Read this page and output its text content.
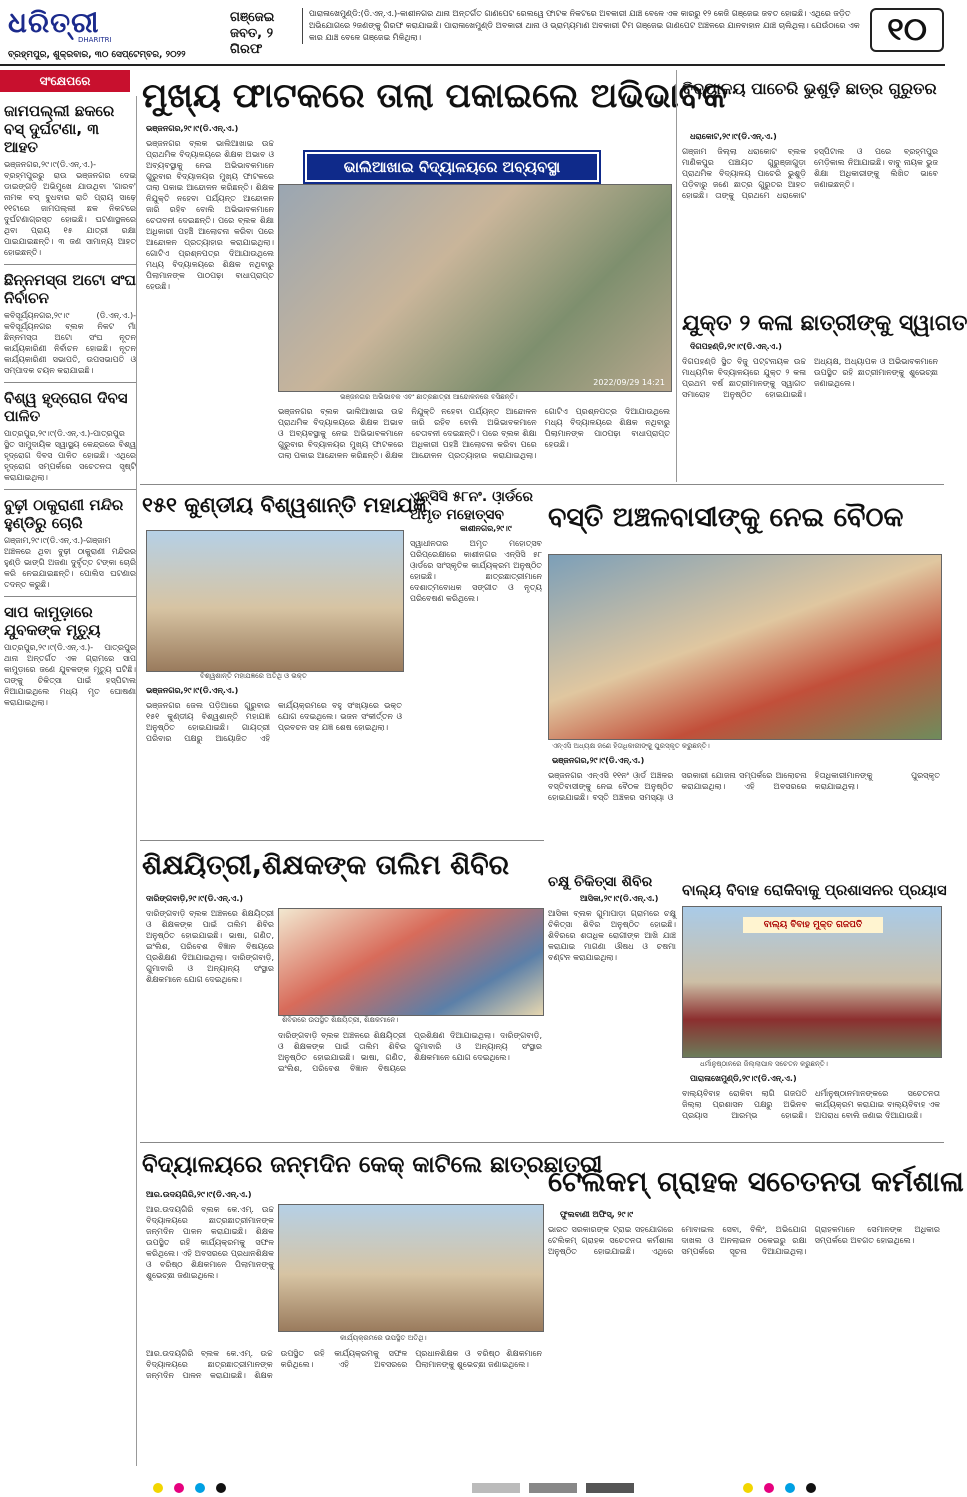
ଧରିତ୍ରୀ
DHARITRI
ବ୍ରହ୍ମପୁର, ଶୁକ୍ରବାର, ୩୦ ସେପ୍ଟେମ୍ବର, ୨୦୨୨
ଗଞ୍ଜେଇ ଜବତ, ୨ ଗିରଫ
ପାରାଳାଖେମୁଣ୍ଡି:(ଡି.ଏନ୍.ଏ.)-କାଶୀନଗର ଥାନା ଅନ୍ତର୍ଗତ ଗାଣପେଟ ରେଲୱେ ଫାଟକ ନିକଟରେ ଅବକାରୀ ଯାଞ୍ଚ ବେଳେ ଏକ କାରରୁ ୧୨ କେଜି ଗଞ୍ଜେଇ ଜବତ ହୋଇଛି। ଏଥିରେ ଜଡ଼ିତ ଅଭିଯୋଗରେ ୨ଜଣଙ୍କୁ ଗିରଫ କରାଯାଇଛି। ପାରାଳାଖେମୁଣ୍ଡି ଅବକାରୀ ଥାନା ଓ ଭ୍ରାମ୍ୟମାଣ ଅବକାରୀ ଟିମ ଗଞ୍ଜେଇ ଗାଣପେଟ ଅଞ୍ଚଳରେ ଯାନବାହାନ ଯାଞ୍ଚ ଚାଲିଥିଲା। ଯେଉଁଠାରେ ଏକ କାର ଯାଞ୍ଚ ବେଳେ ଗଞ୍ଜେଇ ମିଳିଥିଲା।	୧୦
ସଂକ୍ଷେପରେ
ଜାମପଲ୍ଲୀ ଛକରେ ବସ୍ ଦୁର୍ଘଟଣା, ୩ ଆହତ
ଭଞ୍ଜନଗର,୨୯।୯(ଡି.ଏନ୍.ଏ.)- ବ୍ରହ୍ମପୁରରୁ ରାଉ ଭଞ୍ଜନଗର ଦେଇ ଡାଇଙ୍ଗଡ଼ି ଅଭିମୁଖେ ଯାଉଥିବା 'ଗାରବ' ନାମକ ବସ୍ ବୁଧବାର ରାତି ପ୍ରାୟ ସାଢ଼େ ୧୧ଟାରେ ଜାମପଲ୍ଲୀ ଛକ ନିକଟରେ ଦୁର୍ଘଟଣାଗ୍ରସ୍ତ ହୋଇଛି। ଘଟଣାସ୍ଥଳରେ ଥିବା ପ୍ରାୟ ୧୫ ଯାତ୍ରୀ ରକ୍ଷା ପାଇଯାଇଛନ୍ତି। ୩ ଜଣ ସାମାନ୍ୟ ଆହତ ହୋଇଛନ୍ତି।
ଛିନ୍ନମସ୍ତା ଅଟୋ ସଂଘ ନିର୍ବାଚନ
କବିସୂର୍ଯ୍ୟନଗର,୨୯।୯ (ଡି.ଏନ୍.ଏ.)-କବିସୂର୍ଯ୍ୟନଗର ବ୍ଲକ ନିକଟ ମାଁ ଛିନ୍ନମସ୍ତା ଅଟୋ ସଂଘ ନୂତନ କାର୍ଯ୍ୟକାରିଣୀ ନିର୍ବାଚନ ହୋଇଛି। ନୂତନ କାର୍ଯ୍ୟକାରିଣୀ ସଭାପତି, ଉପସଭାପତି ଓ ସମ୍ପାଦକ ଚୟନ କରାଯାଇଛି।
ବିଶ୍ୱ ହୃଦ୍‌ରୋଗ ଦିବସ ପାଳିତ
ପାତ୍ରପୁର,୨୯।୯(ଡି.ଏନ୍.ଏ.)-ପାତ୍ରପୁର ସ୍ଥିତ ସାମୁଦାୟିକ ସ୍ୱାସ୍ଥ୍ୟ କେନ୍ଦ୍ରରେ ବିଶ୍ୱ ହୃଦ୍‌ରୋଗ ଦିବସ ପାଳିତ ହୋଇଛି। ଏଥିରେ ହୃଦ୍‌ରୋଗ ସମ୍ପର୍କରେ ସଚେତନତା ସୃଷ୍ଟି କରାଯାଇଥିଲା।
ବୁଢ଼ୀ ଠାକୁରାଣୀ ମନ୍ଦିର ହୁଣ୍ଡିରୁ ଚୋରି
ଗଞ୍ଜାମ,୨୯।୯(ଡି.ଏନ୍.ଏ.)-ଗଞ୍ଜାମ ଅଞ୍ଚଳରେ ଥିବା ବୁଢ଼ୀ ଠାକୁରାଣୀ ମନ୍ଦିରର ହୁଣ୍ଡି ଭାଙ୍ଗି ଅଜଣା ଦୁର୍ବୃତ୍ତ ଟଙ୍କା ଚୋରି କରି ନେଇଯାଇଛନ୍ତି। ପୋଲିସ ଘଟଣାର ତଦନ୍ତ କରୁଛି।
ସାପ କାମୁଡ଼ାରେ ଯୁବକଙ୍କ ମୃତ୍ୟୁ
ପାତ୍ରପୁର,୨୯।୯(ଡି.ଏନ୍.ଏ.)- ପାତ୍ରପୁର ଥାନା ଅନ୍ତର୍ଗତ ଏକ ଗ୍ରାମରେ ସାପ କାମୁଡ଼ାରେ ଜଣେ ଯୁବକଙ୍କ ମୃତ୍ୟୁ ଘଟିଛି। ତାଙ୍କୁ ଚିକିତ୍ସା ପାଇଁ ହସ୍ପିଟାଲ ନିଆଯାଇଥିଲେ ମଧ୍ୟ ମୃତ ଘୋଷଣା କରାଯାଇଥିଲା।
ମୁଖ୍ୟ ଫାଟକରେ ତାଲା ପକାଇଲେ ଅଭିଭାବକ
ଭାଲିଆଖାଇ ବିଦ୍ୟାଳୟରେ ଅବ୍ୟବସ୍ଥା
ଭଞ୍ଜନଗର,୨୯।୯(ଡି.ଏନ୍.ଏ.)
ଭଞ୍ଜନଗର ବ୍ଲକ ଭାଲିଆଖାଇ ଉଚ୍ଚ ପ୍ରାଥମିକ ବିଦ୍ୟାଳୟରେ ଶିକ୍ଷକ ଅଭାବ ଓ ଅବ୍ୟବସ୍ଥାକୁ ନେଇ ଅଭିଭାବକମାନେ ଗୁରୁବାର ବିଦ୍ୟାଳୟର ମୁଖ୍ୟ ଫାଟକରେ ତାଲା ପକାଇ ଆନ୍ଦୋଳନ କରିଛନ୍ତି। ଶିକ୍ଷକ ନିଯୁକ୍ତି ନହେବା ପର୍ଯ୍ୟନ୍ତ ଆନ୍ଦୋଳନ ଜାରି ରହିବ ବୋଲି ଅଭିଭାବକମାନେ ଚେତାବନୀ ଦେଇଛନ୍ତି। ପରେ ବ୍ଲକ ଶିକ୍ଷା ଅଧିକାରୀ ପହଞ୍ଚି ଆଲୋଚନା କରିବା ପରେ ଆନ୍ଦୋଳନ ପ୍ରତ୍ୟାହାର କରାଯାଇଥିଲା। ଗୋଟିଏ ପ୍ରଶ୍ନପତ୍ର ଦିଆଯାଉଥିଲେ ମଧ୍ୟ ବିଦ୍ୟାଳୟରେ ଶିକ୍ଷକ ନଥିବାରୁ ପିଲାମାନଙ୍କ ପାଠପଢ଼ା ବାଧାପ୍ରାପ୍ତ ହେଉଛି।
2022/09/29 14:21
ଭଞ୍ଜନଗର ଅଭିଭାବକ ଏବଂ ଛାତ୍ରଛାତ୍ରୀ ଆନ୍ଦୋଳନରେ ବସିଛନ୍ତି।
ଭଞ୍ଜନଗର ବ୍ଲକ ଭାଲିଆଖାଇ ଉଚ୍ଚ ପ୍ରାଥମିକ ବିଦ୍ୟାଳୟରେ ଶିକ୍ଷକ ଅଭାବ ଓ ଅବ୍ୟବସ୍ଥାକୁ ନେଇ ଅଭିଭାବକମାନେ ଗୁରୁବାର ବିଦ୍ୟାଳୟର ମୁଖ୍ୟ ଫାଟକରେ ତାଲା ପକାଇ ଆନ୍ଦୋଳନ କରିଛନ୍ତି। ଶିକ୍ଷକ ନିଯୁକ୍ତି ନହେବା ପର୍ଯ୍ୟନ୍ତ ଆନ୍ଦୋଳନ ଜାରି ରହିବ ବୋଲି ଅଭିଭାବକମାନେ ଚେତାବନୀ ଦେଇଛନ୍ତି। ପରେ ବ୍ଲକ ଶିକ୍ଷା ଅଧିକାରୀ ପହଞ୍ଚି ଆଲୋଚନା କରିବା ପରେ ଆନ୍ଦୋଳନ ପ୍ରତ୍ୟାହାର କରାଯାଇଥିଲା। ଗୋଟିଏ ପ୍ରଶ୍ନପତ୍ର ଦିଆଯାଉଥିଲେ ମଧ୍ୟ ବିଦ୍ୟାଳୟରେ ଶିକ୍ଷକ ନଥିବାରୁ ପିଲାମାନଙ୍କ ପାଠପଢ଼ା ବାଧାପ୍ରାପ୍ତ ହେଉଛି।
ବିଦ୍ୟାଳୟ ପାଚେରି ଭୁଶୁଡ଼ି ଛାତ୍ର ଗୁରୁତର
ଧରାକୋଟ,୨୯।୯(ଡି.ଏନ୍.ଏ.)
ଗଞ୍ଜାମ ଜିଲ୍ଲା ଧରାକୋଟ ବ୍ଲକ ମାଣିକପୁର ପଞ୍ଚାୟତ ଗୁରୁଞ୍ଜାଗୁଡ଼ା ପ୍ରାଥମିକ ବିଦ୍ୟାଳୟ ପାଚେରି ଭୁଶୁଡ଼ି ପଡ଼ିବାରୁ ଜଣେ ଛାତ୍ର ଗୁରୁତର ଆହତ ହୋଇଛି। ତାଙ୍କୁ ପ୍ରଥମେ ଧରାକୋଟ ହସ୍ପିଟାଲ ଓ ପରେ ବ୍ରହ୍ମପୁର ମେଡ଼ିକାଲ ନିଆଯାଇଛି। ବାବୁ ନାୟକ ଭୁଜ ଶିକ୍ଷା ଅଧିକାରୀଙ୍କୁ ଲିଖିତ ଭାବେ ଜଣାଇଛନ୍ତି।
ଯୁକ୍ତ ୨ କଳା ଛାତ୍ରୀଙ୍କୁ ସ୍ୱାଗତ
ଦିଗପହଣ୍ଡି,୨୯।୯(ଡି.ଏନ୍.ଏ.)
ଦିଗପହଣ୍ଡି ସ୍ଥିତ ବିଜୁ ପଟ୍ଟନାୟକ ଉଚ୍ଚ ମାଧ୍ୟମିକ ବିଦ୍ୟାଳୟରେ ଯୁକ୍ତ ୨ କଳା ପ୍ରଥମ ବର୍ଷ ଛାତ୍ରୀମାନଙ୍କୁ ସ୍ୱାଗତ ସମାରୋହ ଅନୁଷ୍ଠିତ ହୋଇଯାଇଛି। ଅଧ୍ୟକ୍ଷ, ଅଧ୍ୟାପକ ଓ ଅଭିଭାବକମାନେ ଉପସ୍ଥିତ ରହି ଛାତ୍ରୀମାନଙ୍କୁ ଶୁଭେଚ୍ଛା ଜଣାଇଥିଲେ।
୧୫୧ କୁଣ୍ଡୀୟ ବିଶ୍ୱଶାନ୍ତି ମହାଯଜ୍ଞ
ବିଶ୍ୱଶାନ୍ତି ମହାଯଜ୍ଞରେ ଅତିଥି ଓ ଭକ୍ତ
ଭଞ୍ଜନଗର,୨୯।୯(ଡି.ଏନ୍.ଏ.)
ଭଞ୍ଜନଗର ଜେଲ ପଡ଼ିଆରେ ଗୁରୁବାର ୧୫୧ କୁଣ୍ଡୀୟ ବିଶ୍ୱଶାନ୍ତି ମହାଯଜ୍ଞ ଅନୁଷ୍ଠିତ ହୋଇଯାଇଛି। ଗାୟତ୍ରୀ ପରିବାର ପକ୍ଷରୁ ଆୟୋଜିତ ଏହି କାର୍ଯ୍ୟକ୍ରମରେ ବହୁ ସଂଖ୍ୟାରେ ଭକ୍ତ ଯୋଗ ଦେଇଥିଲେ। ଭଜନ ସଂକୀର୍ତ୍ତନ ଓ ପ୍ରବଚନ ସହ ଯଜ୍ଞ ଶେଷ ହୋଇଥିଲା।
ଏନ୍‌ସିସି ୫୮ନଂ. ଓ଼ାର୍ଡରେ ଅମୃତ ମହୋତ୍ସବ
କାଶୀନଗର,୨୯।୯
ସ୍ୱାଧୀନତାର ଅମୃତ ମହୋତ୍ସବ ପରିପ୍ରେକ୍ଷୀରେ କାଶୀନଗର ଏନ୍‌ସିସି ୫୮ ଓ଼ାର୍ଡରେ ସାଂସ୍କୃତିକ କାର୍ଯ୍ୟକ୍ରମ ଅନୁଷ୍ଠିତ ହୋଇଛି। ଛାତ୍ରଛାତ୍ରୀମାନେ ଦେଶାତ୍ମବୋଧକ ସଙ୍ଗୀତ ଓ ନୃତ୍ୟ ପରିବେଷଣ କରିଥିଲେ।
ବସ୍ତି ଅଞ୍ଚଳବାସୀଙ୍କୁ ନେଇ ବୈଠକ
ଏନ୍‌ଏସି ଅଧ୍ୟକ୍ଷ ଜଣେ ହିତାଧିକାରୀଙ୍କୁ ପୁରସ୍କୃତ କରୁଛନ୍ତି।
ଭଞ୍ଜନଗର,୨୯।୯(ଡି.ଏନ୍.ଏ.)
ଭଞ୍ଜନଗର ଏନ୍‌ଏସି ୧୧ନଂ ଓ଼ାର୍ଡ ଅଞ୍ଚଳର ବସ୍ତିବାସୀଙ୍କୁ ନେଇ ବୈଠକ ଅନୁଷ୍ଠିତ ହୋଇଯାଇଛି। ବସ୍ତି ଅଞ୍ଚଳର ସମସ୍ୟା ଓ ସରକାରୀ ଯୋଜନା ସମ୍ପର୍କରେ ଆଲୋଚନା କରାଯାଇଥିଲା। ଏହି ଅବସରରେ ହିତାଧିକାରୀମାନଙ୍କୁ ପୁରସ୍କୃତ କରାଯାଇଥିଲା।
ଶିକ୍ଷୟିତ୍ରୀ,ଶିକ୍ଷକଙ୍କ ତାଲିମ ଶିବିର
ଦାରିଙ୍ଗବାଡ଼ି,୨୯।୯(ଡି.ଏନ୍.ଏ.)
ଦାରିଙ୍ଗବାଡ଼ି ବ୍ଲକ ଅଞ୍ଚଳରେ ଶିକ୍ଷୟିତ୍ରୀ ଓ ଶିକ୍ଷକଙ୍କ ପାଇଁ ତାଲିମ ଶିବିର ଅନୁଷ୍ଠିତ ହୋଇଯାଇଛି। ଭାଷା, ଗଣିତ, ଇଂଲିଶ, ପରିବେଶ ବିଜ୍ଞାନ ବିଷୟରେ ପ୍ରଶିକ୍ଷଣ ଦିଆଯାଇଥିଲା। ଦାରିଙ୍ଗବାଡ଼ି, ଗୁମାବାରି ଓ ଅନ୍ୟାନ୍ୟ ସଂସ୍ଥାର ଶିକ୍ଷକମାନେ ଯୋଗ ଦେଇଥିଲେ।
ଶିବିରରେ ଉପସ୍ଥିତ ଶିକ୍ଷୟିତ୍ରୀ, ଶିକ୍ଷକମାନେ।
ଦାରିଙ୍ଗବାଡ଼ି ବ୍ଲକ ଅଞ୍ଚଳରେ ଶିକ୍ଷୟିତ୍ରୀ ଓ ଶିକ୍ଷକଙ୍କ ପାଇଁ ତାଲିମ ଶିବିର ଅନୁଷ୍ଠିତ ହୋଇଯାଇଛି। ଭାଷା, ଗଣିତ, ଇଂଲିଶ, ପରିବେଶ ବିଜ୍ଞାନ ବିଷୟରେ ପ୍ରଶିକ୍ଷଣ ଦିଆଯାଇଥିଲା। ଦାରିଙ୍ଗବାଡ଼ି, ଗୁମାବାରି ଓ ଅନ୍ୟାନ୍ୟ ସଂସ୍ଥାର ଶିକ୍ଷକମାନେ ଯୋଗ ଦେଇଥିଲେ।
ଚକ୍ଷୁ ଚିକିତ୍ସା ଶିବିର
ଆସିକା,୨୯।୯(ଡି.ଏନ୍.ଏ.)
ଆସିକା ବ୍ଲକ ଗୁମାପାଡ଼ା ଗ୍ରାମରେ ଚକ୍ଷୁ ଚିକିତ୍ସା ଶିବିର ଅନୁଷ୍ଠିତ ହୋଇଛି। ଶିବିରରେ ଶତାଧିକ ରୋଗୀଙ୍କ ଆଖି ଯାଞ୍ଚ କରାଯାଇ ମାଗଣା ଔଷଧ ଓ ଚଷମା ବଣ୍ଟନ କରାଯାଇଥିଲା।
ବାଲ୍ୟ ବିବାହ ରୋକିବାକୁ ପ୍ରଶାସନର ପ୍ରୟାସ
ବାଲ୍ୟ ବିବାହ ମୁକ୍ତ ଗଜପତି
ଧର୍ମାନୁଷ୍ଠାନରେ ଜିଲ୍ଲାପାଳ ସଚେତନ କରୁଛନ୍ତି।
ପାରାଳାଖେମୁଣ୍ଡି,୨୯।୯(ଡି.ଏନ୍.ଏ.)
ବାଲ୍ୟବିବାହ ରୋକିବା ଲାଗି ଗଜପତି ଜିଲ୍ଲା ପ୍ରଶାସନ ପକ୍ଷରୁ ଅଭିନବ ପ୍ରୟାସ ଆରମ୍ଭ ହୋଇଛି। ଧର୍ମାନୁଷ୍ଠାନମାନଙ୍କରେ ସଚେତନତା କାର୍ଯ୍ୟକ୍ରମ କରାଯାଇ ବାଲ୍ୟବିବାହ ଏକ ଅପରାଧ ବୋଲି ଜଣାଇ ଦିଆଯାଉଛି।
ବିଦ୍ୟାଳୟରେ ଜନ୍ମଦିନ କେକ୍ କାଟିଲେ ଛାତ୍ରଛାତ୍ରୀ
ଆର.ଉଦୟଗିରି,୨୯।୯(ଡି.ଏନ୍.ଏ.)
ଆର.ଉଦୟଗିରି ବ୍ଲକ କେ.ଏମ୍. ଉଚ୍ଚ ବିଦ୍ୟାଳୟରେ ଛାତ୍ରଛାତ୍ରୀମାନଙ୍କ ଜନ୍ମଦିନ ପାଳନ କରାଯାଇଛି। ଶିକ୍ଷକ ଉପସ୍ଥିତ ରହି କାର୍ଯ୍ୟକ୍ରମକୁ ସଫଳ କରିଥିଲେ। ଏହି ଅବସରରେ ପ୍ରଧାନଶିକ୍ଷକ ଓ ବରିଷ୍ଠ ଶିକ୍ଷକମାନେ ପିଲାମାନଙ୍କୁ ଶୁଭେଚ୍ଛା ଜଣାଇଥିଲେ।
କାର୍ଯ୍ୟକ୍ରମରେ ଉପସ୍ଥିତ ଅତିଥି।
ଆର.ଉଦୟଗିରି ବ୍ଲକ କେ.ଏମ୍. ଉଚ୍ଚ ବିଦ୍ୟାଳୟରେ ଛାତ୍ରଛାତ୍ରୀମାନଙ୍କ ଜନ୍ମଦିନ ପାଳନ କରାଯାଇଛି। ଶିକ୍ଷକ ଉପସ୍ଥିତ ରହି କାର୍ଯ୍ୟକ୍ରମକୁ ସଫଳ କରିଥିଲେ। ଏହି ଅବସରରେ ପ୍ରଧାନଶିକ୍ଷକ ଓ ବରିଷ୍ଠ ଶିକ୍ଷକମାନେ ପିଲାମାନଙ୍କୁ ଶୁଭେଚ୍ଛା ଜଣାଇଥିଲେ।
ଟେଲିକମ୍ ଗ୍ରାହକ ସଚେତନତା କର୍ମଶାଳା
ଫୁଲବାଣୀ ଅଫିସ୍, ୨୯।୯
ଭାରତ ସରକାରଙ୍କ ଟ୍ରାଇ ସହଯୋଗରେ ଟେଲିକମ୍ ଗ୍ରାହକ ସଚେତନତା କର୍ମଶାଳା ଅନୁଷ୍ଠିତ ହୋଇଯାଇଛି। ଏଥିରେ ମୋବାଇଲ ସେବା, ବିଲିଂ, ଅଭିଯୋଗ ଦାଖଲ ଓ ଅନଲାଇନ ଠକେଇରୁ ରକ୍ଷା ସମ୍ପର୍କରେ ସୂଚନା ଦିଆଯାଇଥିଲା। ଗ୍ରାହକମାନେ ସେମାନଙ୍କ ଅଧିକାର ସମ୍ପର୍କରେ ଅବଗତ ହୋଇଥିଲେ।
